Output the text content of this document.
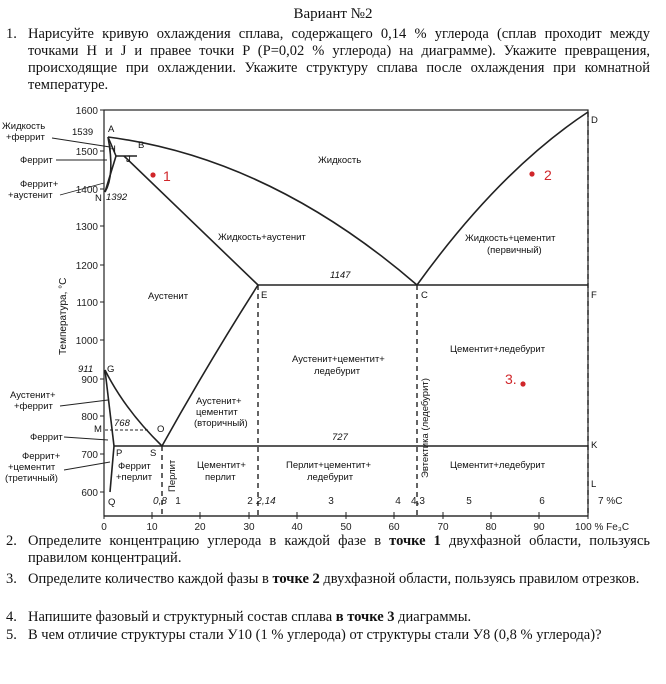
Вариант №2
1. Нарисуйте кривую охлаждения сплава, содержащего 0,14 % углерода (сплав проходит между точками H и J и правее точки P (P=0,02 % углерода) на диаграмме). Укажите превращения, происходящие при охлаждении. Укажите структуру сплава после охлаждения при комнатной температуре.
1600
1500
1400
1300
1200
1100
1000
900
800
700
600
Температура, °С
1539
1392
911
768
1147
727
0	10	20	30	40	50	60	70	80	90	100 % Fe₃C
0,8 1	2 2,14	3	4 4,3	5	6	7 %С
A
B
H
J
N
D
E	C	F
G
M	O
P	S
K
L
Q
Жидкость
+феррит
Феррит
Феррит+
+аустенит
Аустенит+
+феррит
Феррит
Феррит+
+цементит
(третичный)
Жидкость
Жидкость+аустенит	Жидкость+цементит
(первичный)
Аустенит
Аустенит+цементит+
ледебурит
Цементит+ледебурит
Аустенит+
цементит
(вторичный)
Феррит
+перлит
Цементит+
перлит
Перлит+цементит+
ледебурит
Цементит+ледебурит
Эвтектика (ледебурит)
Перлит
1	2
3.
2. Определите концентрацию углерода в каждой фазе в точке 1 двухфазной области, пользуясь правилом концентраций.
3. Определите количество каждой фазы в точке 2 двухфазной области, пользуясь правилом отрезков.
4. Напишите фазовый и структурный состав сплава в точке 3 диаграммы.
5. В чем отличие структуры стали У10 (1 % углерода) от структуры стали У8 (0,8 % углерода)?
